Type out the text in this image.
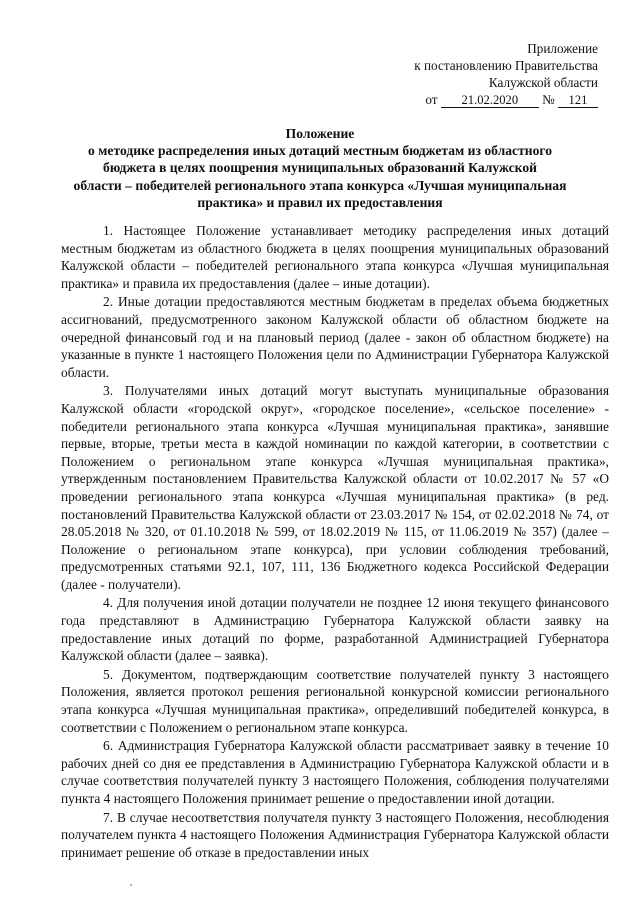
Приложение
к постановлению Правительства
Калужской области
от 21.02.2020 № 121
Положение
о методике распределения иных дотаций местным бюджетам из областного
бюджета в целях поощрения муниципальных образований Калужской
области – победителей регионального этапа конкурса «Лучшая муниципальная
практика» и правил их предоставления

1. Настоящее Положение устанавливает методику распределения иных дотаций местным бюджетам из областного бюджета в целях поощрения муниципальных образований Калужской области – победителей регионального этапа конкурса «Лучшая муниципальная практика» и правила их предоставления (далее – иные дотации).

2. Иные дотации предоставляются местным бюджетам в пределах объема бюджетных ассигнований, предусмотренного законом Калужской области об областном бюджете на очередной финансовый год и на плановый период (далее - закон об областном бюджете) на указанные в пункте 1 настоящего Положения цели по Администрации Губернатора Калужской области.

3. Получателями иных дотаций могут выступать муниципальные образования Калужской области «городской округ», «городское поселение», «сельское поселение» - победители регионального этапа конкурса «Лучшая муниципальная практика», занявшие первые, вторые, третьи места в каждой номинации по каждой категории, в соответствии с Положением о региональном этапе конкурса «Лучшая муниципальная практика», утвержденным постановлением Правительства Калужской области от 10.02.2017 № 57 «О проведении регионального этапа конкурса «Лучшая муниципальная практика» (в ред. постановлений Правительства Калужской области от 23.03.2017 № 154, от 02.02.2018 № 74, от 28.05.2018 № 320, от 01.10.2018 № 599, от 18.02.2019 № 115, от 11.06.2019 № 357) (далее – Положение о региональном этапе конкурса), при условии соблюдения требований, предусмотренных статьями 92.1, 107, 111, 136 Бюджетного кодекса Российской Федерации (далее - получатели).

4. Для получения иной дотации получатели не позднее 12 июня текущего финансового года представляют в Администрацию Губернатора Калужской области заявку на предоставление иных дотаций по форме, разработанной Администрацией Губернатора Калужской области (далее – заявка).

5. Документом, подтверждающим соответствие получателей пункту 3 настоящего Положения, является протокол решения региональной конкурсной комиссии регионального этапа конкурса «Лучшая муниципальная практика», определивший победителей конкурса, в соответствии с Положением о региональном этапе конкурса.

6. Администрация Губернатора Калужской области рассматривает заявку в течение 10 рабочих дней со дня ее представления в Администрацию Губернатора Калужской области и в случае соответствия получателей пункту 3 настоящего Положения, соблюдения получателями пункта 4 настоящего Положения принимает решение о предоставлении иной дотации.

7. В случае несоответствия получателя пункту 3 настоящего Положения, несоблюдения получателем пункта 4 настоящего Положения Администрация Губернатора Калужской области принимает решение об отказе в предоставлении иных
